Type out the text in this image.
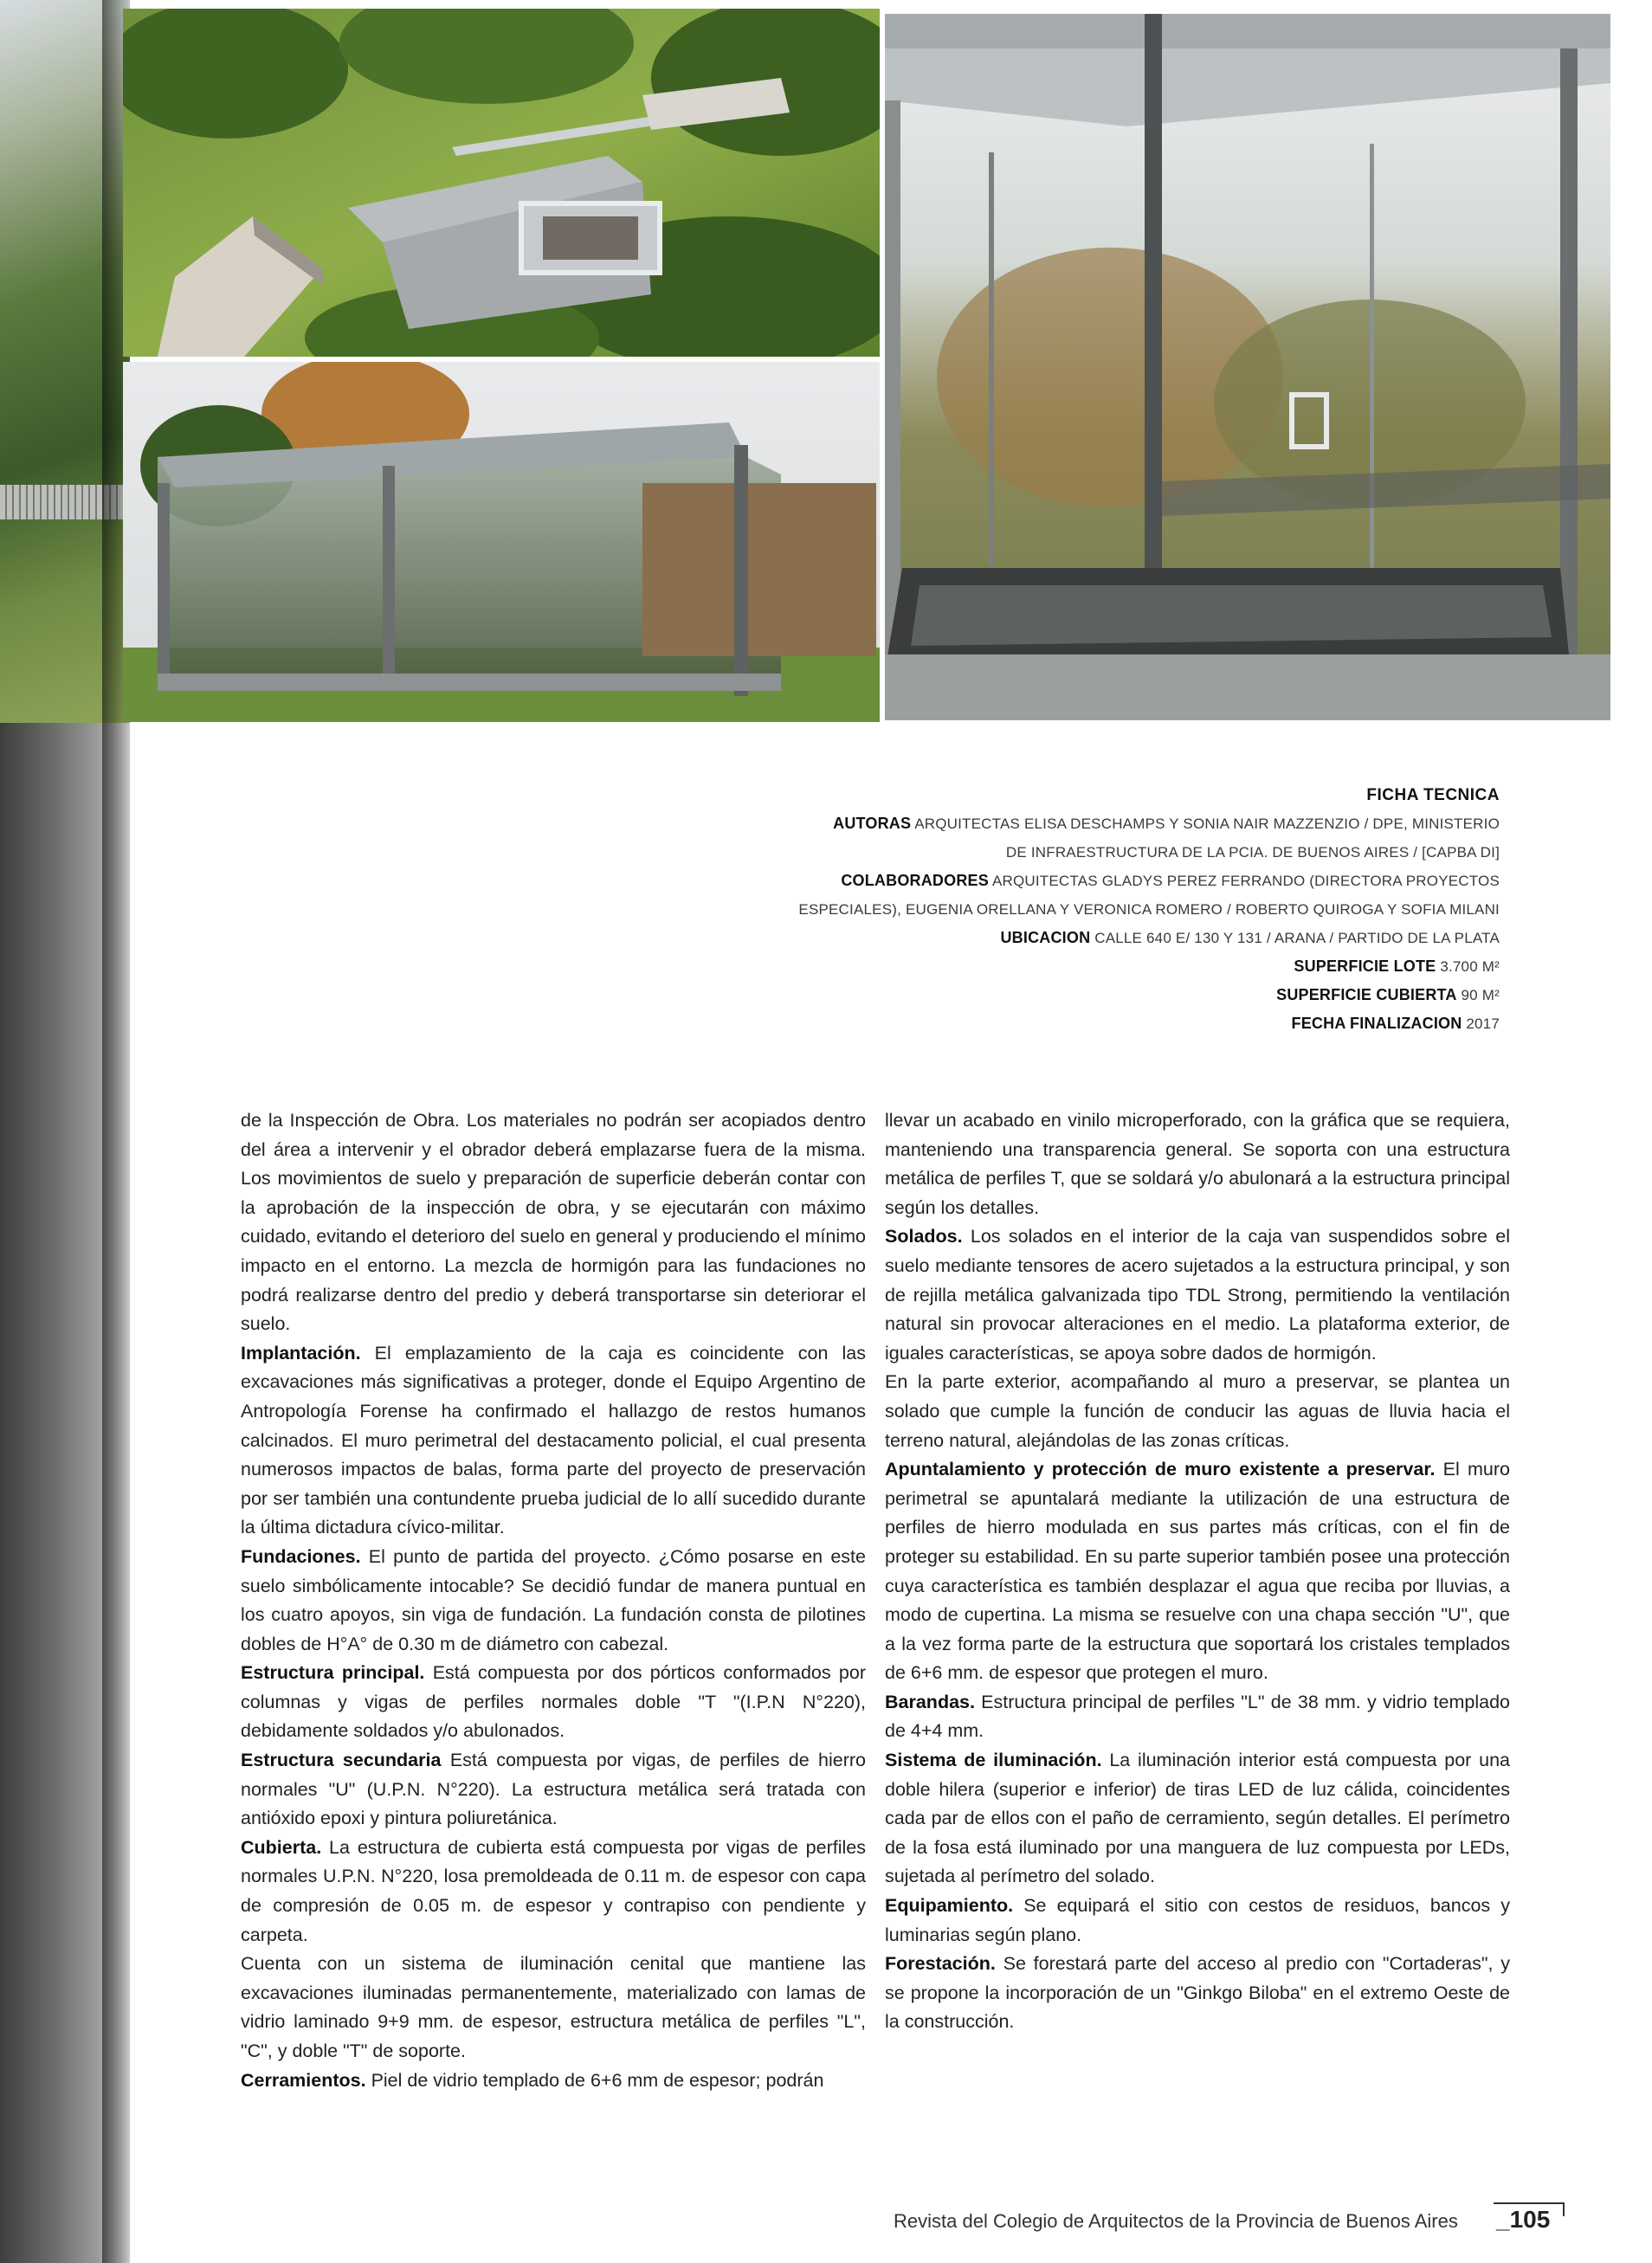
FICHA TECNICA
AUTORAS ARQUITECTAS ELISA DESCHAMPS Y SONIA NAIR MAZZENZIO / DPE, MINISTERIO
DE INFRAESTRUCTURA DE LA PCIA. DE BUENOS AIRES / [CAPBA DI]
COLABORADORES ARQUITECTAS GLADYS PEREZ FERRANDO (DIRECTORA PROYECTOS
ESPECIALES), EUGENIA ORELLANA Y VERONICA ROMERO / ROBERTO QUIROGA Y SOFIA MILANI
UBICACION CALLE 640 E/ 130 Y 131 / ARANA / PARTIDO DE LA PLATA
SUPERFICIE LOTE 3.700 M²
SUPERFICIE CUBIERTA 90 M²
FECHA FINALIZACION 2017

de la Inspección de Obra. Los materiales no podrán ser acopiados dentro del área a intervenir y el obrador deberá emplazarse fuera de la misma. Los movimientos de suelo y preparación de superficie deberán contar con la aprobación de la inspección de obra, y se ejecutarán con máximo cuidado, evitando el deterioro del suelo en general y produciendo el mínimo impacto en el entorno. La mezcla de hormigón para las fundaciones no podrá realizarse dentro del predio y deberá transportarse sin deteriorar el suelo.

Implantación. El emplazamiento de la caja es coincidente con las excavaciones más significativas a proteger, donde el Equipo Argentino de Antropología Forense ha confirmado el hallazgo de restos humanos calcinados. El muro perimetral del destacamento policial, el cual presenta numerosos impactos de balas, forma parte del proyecto de preservación por ser también una contundente prueba judicial de lo allí sucedido durante la última dictadura cívico-militar.

Fundaciones. El punto de partida del proyecto. ¿Cómo posarse en este suelo simbólicamente intocable? Se decidió fundar de manera puntual en los cuatro apoyos, sin viga de fundación. La fundación consta de pilotines dobles de H°A° de 0.30 m de diámetro con cabezal.

Estructura principal. Está compuesta por dos pórticos conformados por columnas y vigas de perfiles normales doble "T "(I.P.N N°220), debidamente soldados y/o abulonados.

Estructura secundaria Está compuesta por vigas, de perfiles de hierro normales "U" (U.P.N. N°220). La estructura metálica será tratada con antióxido epoxi y pintura poliuretánica.

Cubierta. La estructura de cubierta está compuesta por vigas de perfiles normales U.P.N. N°220, losa premoldeada de 0.11 m. de espesor con capa de compresión de 0.05 m. de espesor y contrapiso con pendiente y carpeta.

Cuenta con un sistema de iluminación cenital que mantiene las excavaciones iluminadas permanentemente, materializado con lamas de vidrio laminado 9+9 mm. de espesor, estructura metálica de perfiles "L", "C", y doble "T" de soporte.

Cerramientos. Piel de vidrio templado de 6+6 mm de espesor; podrán

llevar un acabado en vinilo microperforado, con la gráfica que se requiera, manteniendo una transparencia general. Se soporta con una estructura metálica de perfiles T, que se soldará y/o abulonará a la estructura principal según los detalles.

Solados. Los solados en el interior de la caja van suspendidos sobre el suelo mediante tensores de acero sujetados a la estructura principal, y son de rejilla metálica galvanizada tipo TDL Strong, permitiendo la ventilación natural sin provocar alteraciones en el medio. La plataforma exterior, de iguales características, se apoya sobre dados de hormigón.

En la parte exterior, acompañando al muro a preservar, se plantea un solado que cumple la función de conducir las aguas de lluvia hacia el terreno natural, alejándolas de las zonas críticas.

Apuntalamiento y protección de muro existente a preservar. El muro perimetral se apuntalará mediante la utilización de una estructura de perfiles de hierro modulada en sus partes más críticas, con el fin de proteger su estabilidad. En su parte superior también posee una protección cuya característica es también desplazar el agua que reciba por lluvias, a modo de cupertina. La misma se resuelve con una chapa sección "U", que a la vez forma parte de la estructura que soportará los cristales templados de 6+6 mm. de espesor que protegen el muro.

Barandas. Estructura principal de perfiles "L" de 38 mm. y vidrio templado de 4+4 mm.

Sistema de iluminación. La iluminación interior está compuesta por una doble hilera (superior e inferior) de tiras LED de luz cálida, coincidentes cada par de ellos con el paño de cerramiento, según detalles. El perímetro de la fosa está iluminado por una manguera de luz compuesta por LEDs, sujetada al perímetro del solado.

Equipamiento. Se equipará el sitio con cestos de residuos, bancos y luminarias según plano.

Forestación. Se forestará parte del acceso al predio con "Cortaderas", y se propone la incorporación de un "Ginkgo Biloba" en el extremo Oeste de la construcción.

Revista del Colegio de Arquitectos de la Provincia de Buenos Aires _105
